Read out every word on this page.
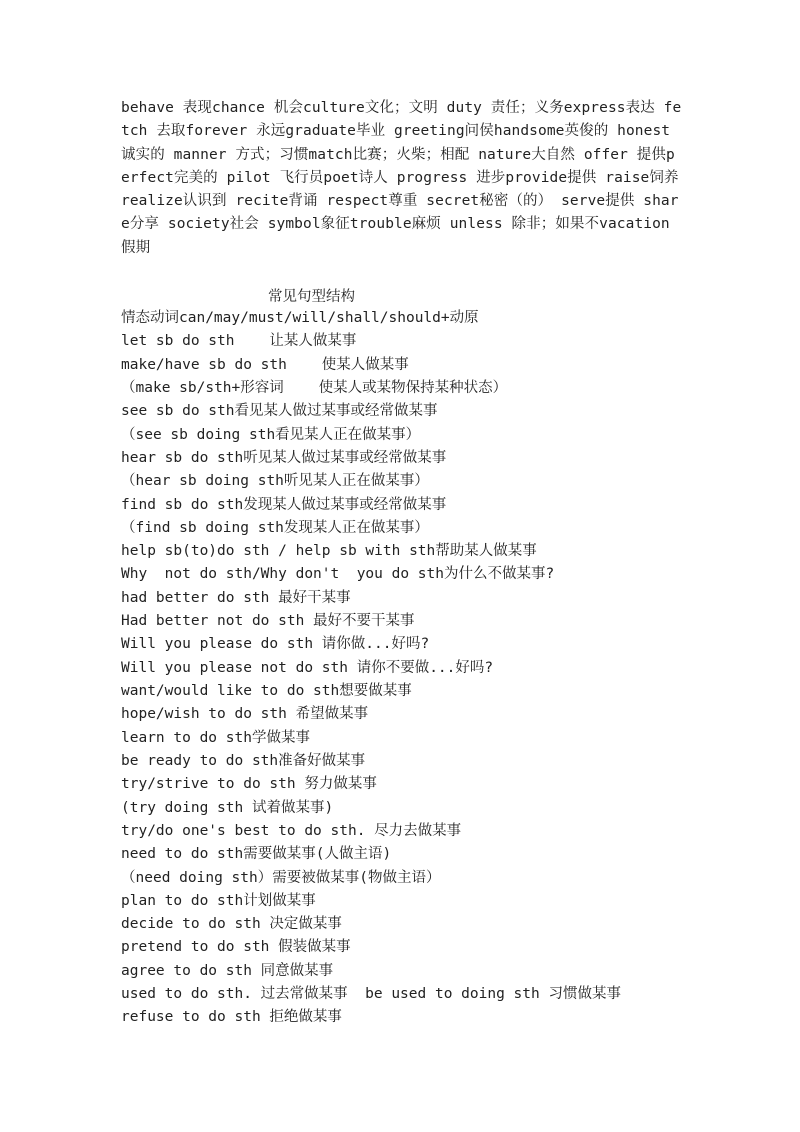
behave 表现chance 机会culture文化；文明 duty 责任；义务express表达 fetch 去取forever 永远graduate毕业 greeting问侯handsome英俊的 honest诚实的 manner 方式；习惯match比赛；火柴；相配 nature大自然 offer 提供perfect完美的 pilot 飞行员poet诗人 progress 进步provide提供 raise饲养realize认识到 recite背诵 respect尊重 secret秘密（的） serve提供 share分享 society社会 symbol象征trouble麻烦 unless 除非；如果不vacation 假期
常见句型结构
情态动词can/may/must/will/shall/should+动原
let sb do sth    让某人做某事
make/have sb do sth    使某人做某事
（make sb/sth+形容词    使某人或某物保持某种状态）
see sb do sth看见某人做过某事或经常做某事
（see sb doing sth看见某人正在做某事）
hear sb do sth听见某人做过某事或经常做某事
（hear sb doing sth听见某人正在做某事）
find sb do sth发现某人做过某事或经常做某事
（find sb doing sth发现某人正在做某事）
help sb(to)do sth / help sb with sth帮助某人做某事
Why  not do sth/Why don't  you do sth为什么不做某事?
had better do sth 最好干某事
Had better not do sth 最好不要干某事
Will you please do sth 请你做...好吗?
Will you please not do sth 请你不要做...好吗?
want/would like to do sth想要做某事
hope/wish to do sth 希望做某事
learn to do sth学做某事
be ready to do sth准备好做某事
try/strive to do sth 努力做某事
(try doing sth 试着做某事)
try/do one's best to do sth. 尽力去做某事
need to do sth需要做某事(人做主语)
（need doing sth）需要被做某事(物做主语）
plan to do sth计划做某事
decide to do sth 决定做某事
pretend to do sth 假装做某事
agree to do sth 同意做某事
used to do sth. 过去常做某事  be used to doing sth 习惯做某事
refuse to do sth 拒绝做某事
